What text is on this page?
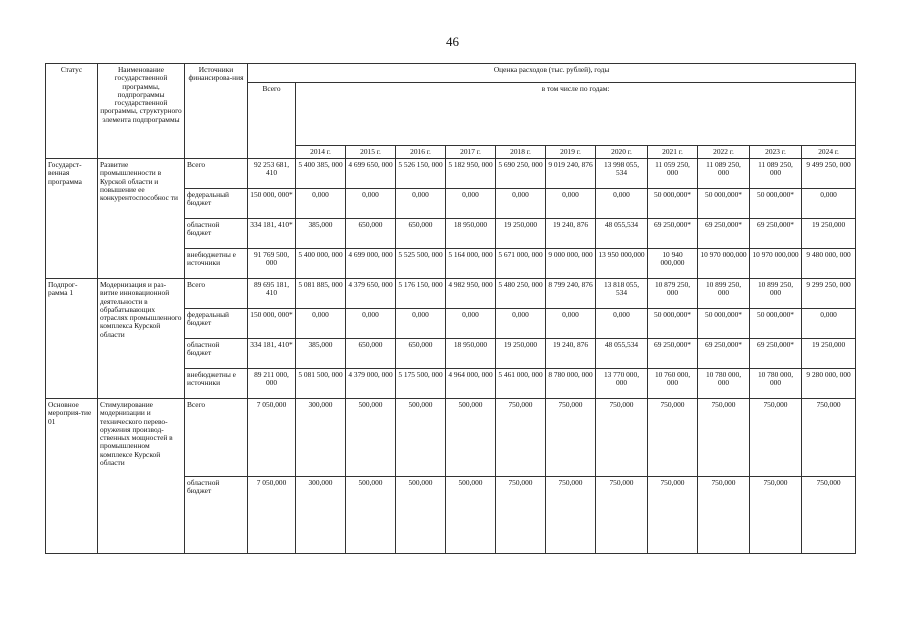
46
Статус	Наименование государственной программы, подпрограммы государственной программы, структурного элемента подпрограммы	Источники финансирова-ния	Оценка расходов (тыс. рублей), годы											
			Всего	в том числе по годам:										
				2014 г.	2015 г.	2016 г.	2017 г.	2018 г.	2019 г.	2020 г.	2021 г.	2022 г.	2023 г.	2024 г.
Государст-венная программа	Развитие промышленности в Курской области и повышение ее конкурентоспособнос ти	Всего	92 253 681, 410	5 400 385, 000	4 699 650, 000	5 526 150, 000	5 182 950, 000	5 690 250, 000	9 019 240, 876	13 998 055, 534	11 059 250, 000	11 089 250, 000	11 089 250, 000	9 499 250, 000
		федеральный бюджет	150 000, 000*	0,000	0,000	0,000	0,000	0,000	0,000	0,000	50 000,000*	50 000,000*	50 000,000*	0,000
		областной бюджет	334 181, 410*	385,000	650,000	650,000	18 950,000	19 250,000	19 240, 876	48 055,534	69 250,000*	69 250,000*	69 250,000*	19 250,000
		внебюджетны е источники	91 769 500, 000	5 400 000, 000	4 699 000, 000	5 525 500, 000	5 164 000, 000	5 671 000, 000	9 000 000, 000	13 950 000,000	10 940 000,000	10 970 000,000	10 970 000,000	9 480 000, 000
Подпрог-рамма 1	Модернизация и раз-витие инновационной деятельности в обрабатывающих отраслях промышленного комплекса Курской области	Всего	89 695 181, 410	5 081 885, 000	4 379 650, 000	5 176 150, 000	4 982 950, 000	5 480 250, 000	8 799 240, 876	13 818 055, 534	10 879 250, 000	10 899 250, 000	10 899 250, 000	9 299 250, 000
		федеральный бюджет	150 000, 000*	0,000	0,000	0,000	0,000	0,000	0,000	0,000	50 000,000*	50 000,000*	50 000,000*	0,000
		областной бюджет	334 181, 410*	385,000	650,000	650,000	18 950,000	19 250,000	19 240, 876	48 055,534	69 250,000*	69 250,000*	69 250,000*	19 250,000
		внебюджетны е источники	89 211 000, 000	5 081 500, 000	4 379 000, 000	5 175 500, 000	4 964 000, 000	5 461 000, 000	8 780 000, 000	13 770 000, 000	10 760 000, 000	10 780 000, 000	10 780 000, 000	9 280 000, 000
Основное мероприя-тие 01	Стимулирование модернизации и технического перево-оружения производ-ственных мощностей в промышленном комплексе Курской области	Всего	7 050,000	300,000	500,000	500,000	500,000	750,000	750,000	750,000	750,000	750,000	750,000	750,000
		областной бюджет	7 050,000	300,000	500,000	500,000	500,000	750,000	750,000	750,000	750,000	750,000	750,000	750,000
